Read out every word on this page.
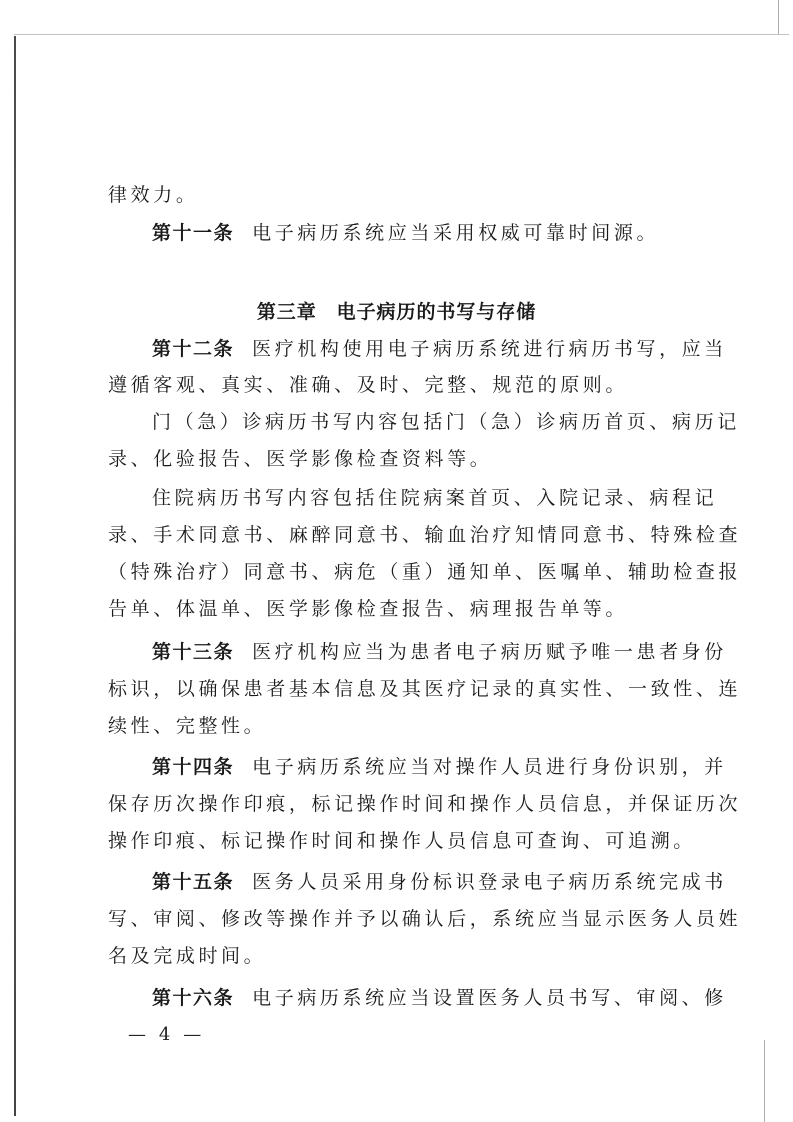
律效力。
第十一条 电子病历系统应当采用权威可靠时间源。
第三章　电子病历的书写与存储
第十二条 医疗机构使用电子病历系统进行病历书写，应当
遵循客观、真实、准确、及时、完整、规范的原则。
门（急）诊病历书写内容包括门（急）诊病历首页、病历记
录、化验报告、医学影像检查资料等。
住院病历书写内容包括住院病案首页、入院记录、病程记
录、手术同意书、麻醉同意书、输血治疗知情同意书、特殊检查
（特殊治疗）同意书、病危（重）通知单、医嘱单、辅助检查报
告单、体温单、医学影像检查报告、病理报告单等。
第十三条 医疗机构应当为患者电子病历赋予唯一患者身份
标识，以确保患者基本信息及其医疗记录的真实性、一致性、连
续性、完整性。
第十四条 电子病历系统应当对操作人员进行身份识别，并
保存历次操作印痕，标记操作时间和操作人员信息，并保证历次
操作印痕、标记操作时间和操作人员信息可查询、可追溯。
第十五条 医务人员采用身份标识登录电子病历系统完成书
写、审阅、修改等操作并予以确认后，系统应当显示医务人员姓
名及完成时间。
第十六条 电子病历系统应当设置医务人员书写、审阅、修
— 4 —
